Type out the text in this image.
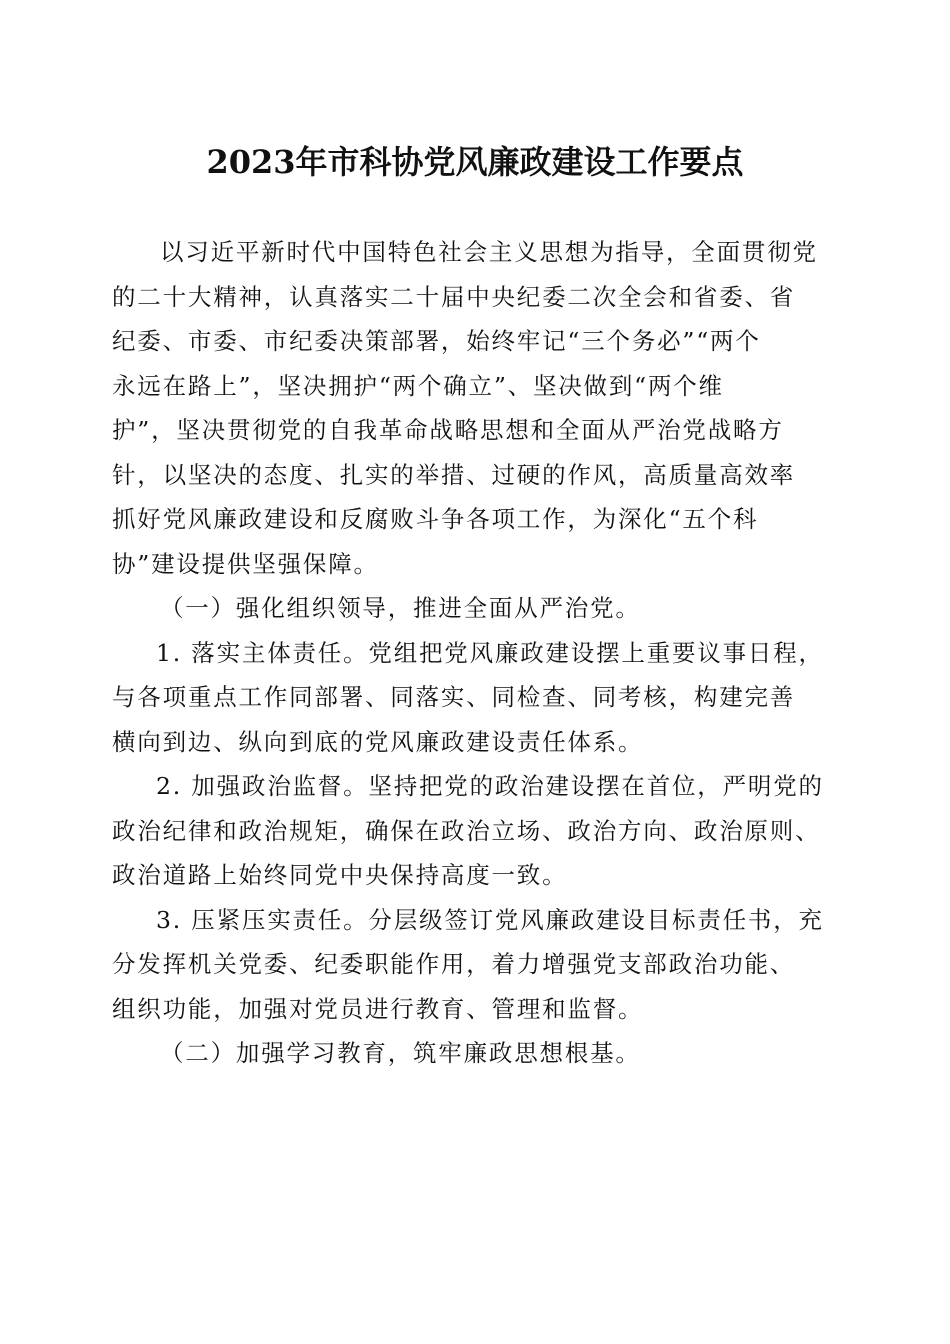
2023年市科协党风廉政建设工作要点
以习近平新时代中国特色社会主义思想为指导，全面贯彻党
的二十大精神，认真落实二十届中央纪委二次全会和省委、省
纪委、市委、市纪委决策部署，始终牢记“三个务必”“两个
永远在路上”，坚决拥护“两个确立”、坚决做到“两个维
护”，坚决贯彻党的自我革命战略思想和全面从严治党战略方
针，以坚决的态度、扎实的举措、过硬的作风，高质量高效率
抓好党风廉政建设和反腐败斗争各项工作，为深化“五个科
协”建设提供坚强保障。
（一）强化组织领导，推进全面从严治党。
1. 落实主体责任。党组把党风廉政建设摆上重要议事日程，
与各项重点工作同部署、同落实、同检查、同考核，构建完善
横向到边、纵向到底的党风廉政建设责任体系。
2. 加强政治监督。坚持把党的政治建设摆在首位，严明党的
政治纪律和政治规矩，确保在政治立场、政治方向、政治原则、
政治道路上始终同党中央保持高度一致。
3. 压紧压实责任。分层级签订党风廉政建设目标责任书，充
分发挥机关党委、纪委职能作用，着力增强党支部政治功能、
组织功能，加强对党员进行教育、管理和监督。
（二）加强学习教育，筑牢廉政思想根基。
